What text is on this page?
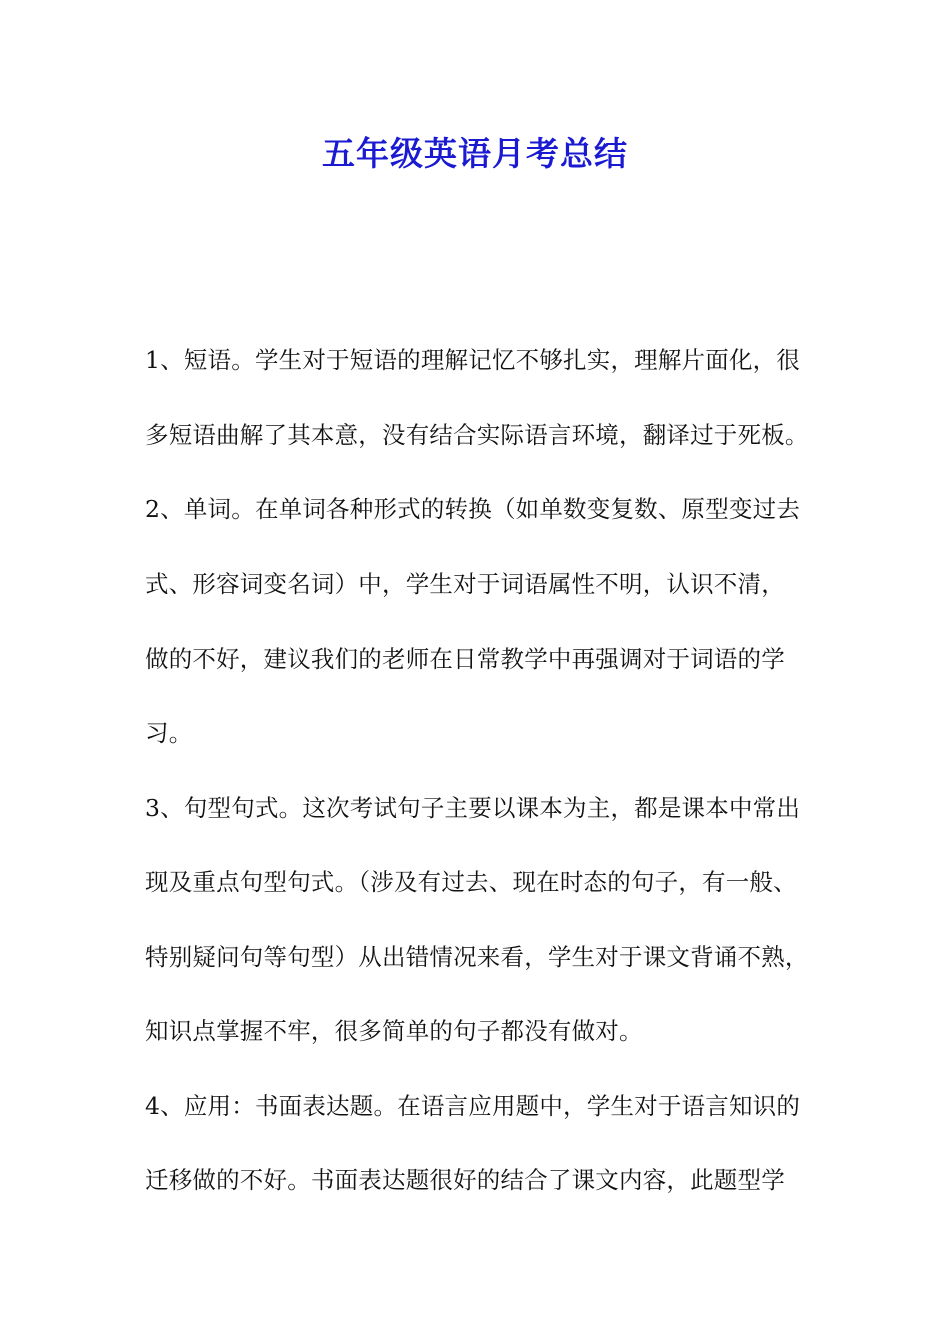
五年级英语月考总结
1、短语。学生对于短语的理解记忆不够扎实，理解片面化，很
多短语曲解了其本意，没有结合实际语言环境，翻译过于死板。
2、单词。在单词各种形式的转换（如单数变复数、原型变过去
式、形容词变名词）中，学生对于词语属性不明，认识不清，
做的不好，建议我们的老师在日常教学中再强调对于词语的学
习。
3、句型句式。这次考试句子主要以课本为主，都是课本中常出
现及重点句型句式。（涉及有过去、现在时态的句子，有一般、
特别疑问句等句型）从出错情况来看，学生对于课文背诵不熟，
知识点掌握不牢，很多简单的句子都没有做对。
4、应用：书面表达题。在语言应用题中，学生对于语言知识的
迁移做的不好。书面表达题很好的结合了课文内容，此题型学
